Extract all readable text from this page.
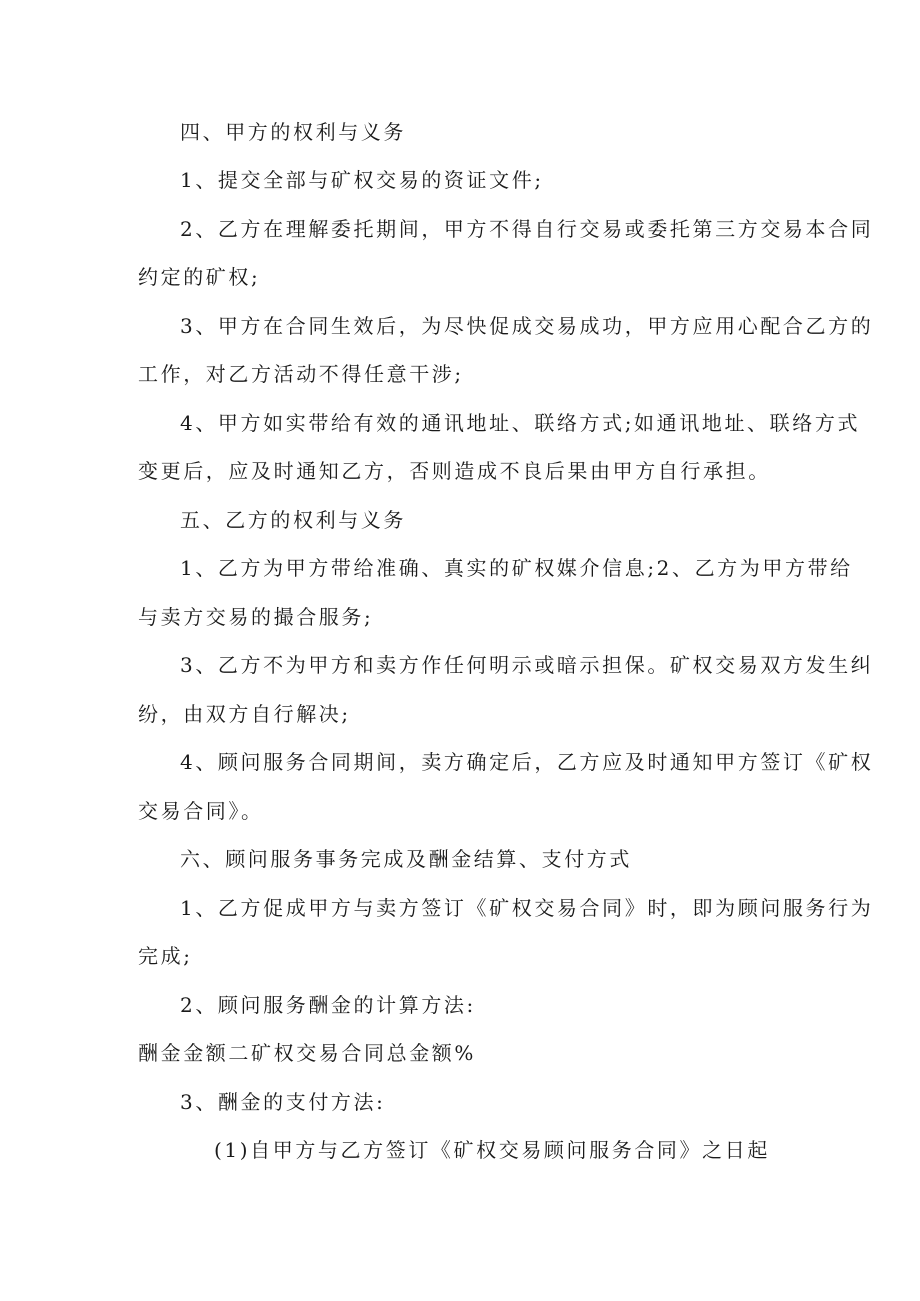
四、甲方的权利与义务
1、提交全部与矿权交易的资证文件;
2、乙方在理解委托期间，甲方不得自行交易或委托第三方交易本合同
约定的矿权;
3、甲方在合同生效后，为尽快促成交易成功，甲方应用心配合乙方的
工作，对乙方活动不得任意干涉;
4、甲方如实带给有效的通讯地址、联络方式;如通讯地址、联络方式
变更后，应及时通知乙方，否则造成不良后果由甲方自行承担。
五、乙方的权利与义务
1、乙方为甲方带给准确、真实的矿权媒介信息;2、乙方为甲方带给
与卖方交易的撮合服务;
3、乙方不为甲方和卖方作任何明示或暗示担保。矿权交易双方发生纠
纷，由双方自行解决;
4、顾问服务合同期间，卖方确定后，乙方应及时通知甲方签订《矿权
交易合同》。
六、顾问服务事务完成及酬金结算、支付方式
1、乙方促成甲方与卖方签订《矿权交易合同》时，即为顾问服务行为
完成;
2、顾问服务酬金的计算方法:
酬金金额二矿权交易合同总金额%
3、酬金的支付方法:
(1)自甲方与乙方签订《矿权交易顾问服务合同》之日起
